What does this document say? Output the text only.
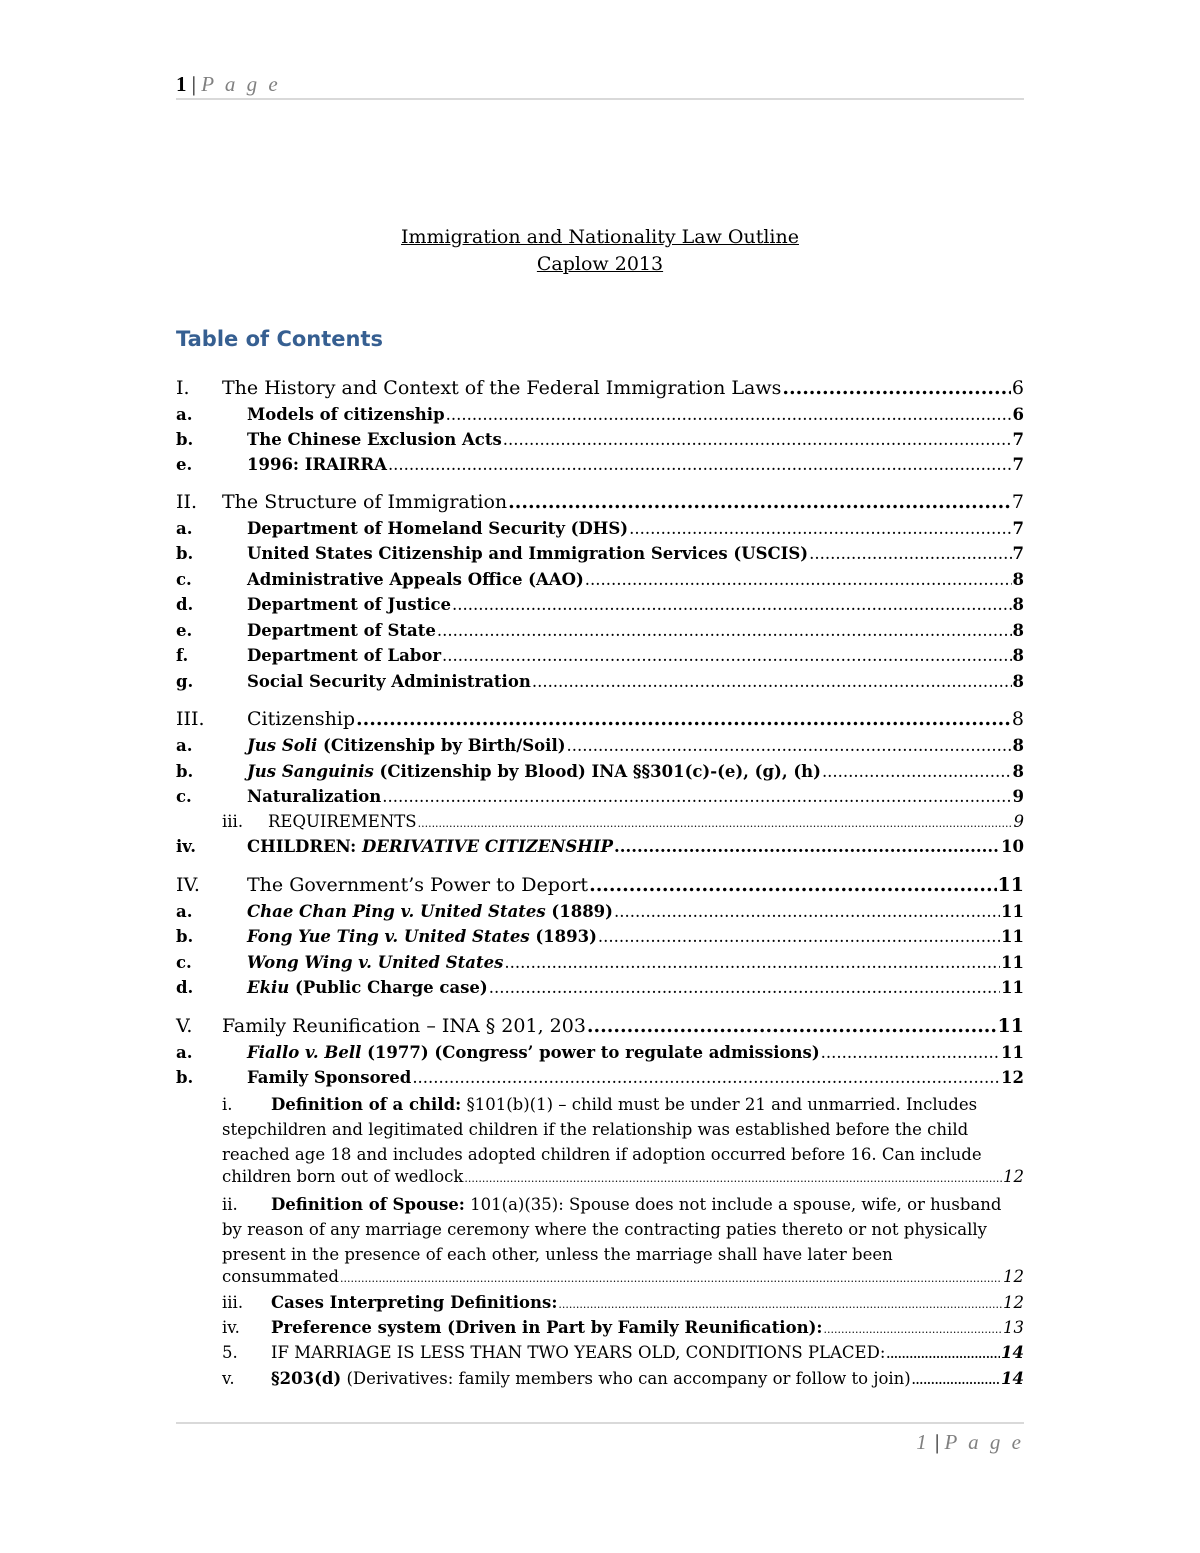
1 | P a g e
Immigration and Nationality Law Outline
Caplow 2013
Table of Contents
I.	The History and Context of the Federal Immigration Laws .....	6
a.	Models of citizenship .....	6
b.	The Chinese Exclusion Acts .....	7
e.	1996: IRAIRRA .....	7
II.	The Structure of Immigration .....	7
a.	Department of Homeland Security (DHS) .....	7
b.	United States Citizenship and Immigration Services (USCIS) .....	7
c.	Administrative Appeals Office (AAO) .....	8
d.	Department of Justice .....	8
e.	Department of State .....	8
f.	Department of Labor .....	8
g.	Social Security Administration .....	8
III.	Citizenship .....	8
a.	Jus Soli (Citizenship by Birth/Soil) .....	8
b.	Jus Sanguinis (Citizenship by Blood) INA §§301(c)-(e), (g), (h) .....	8
c.	Naturalization .....	9
iii.	REQUIREMENTS .....	9
iv.	CHILDREN: DERIVATIVE CITIZENSHIP .....	10
IV.	The Government’s Power to Deport .....	11
a.	Chae Chan Ping v. United States (1889) .....	11
b.	Fong Yue Ting v. United States (1893) .....	11
c.	Wong Wing v. United States .....	11
d.	Ekiu (Public Charge case) .....	11
V.	Family Reunification – INA § 201, 203 .....	11
a.	Fiallo v. Bell (1977) (Congress’ power to regulate admissions) .....	11
b.	Family Sponsored .....	12
i. Definition of a child: §101(b)(1) – child must be under 21 and unmarried. Includes
stepchildren and legitimated children if the relationship was established before the child
reached age 18 and includes adopted children if adoption occurred before 16. Can include
children born out of wedlock .....	12
ii. Definition of Spouse: 101(a)(35): Spouse does not include a spouse, wife, or husband
by reason of any marriage ceremony where the contracting paties thereto or not physically
present in the presence of each other, unless the marriage shall have later been
consummated .....	12
iii.	Cases Interpreting Definitions: .....	12
iv.	Preference system (Driven in Part by Family Reunification): .....	13
5.	IF MARRIAGE IS LESS THAN TWO YEARS OLD, CONDITIONS PLACED: .....	14
v.	§203(d) (Derivatives: family members who can accompany or follow to join) .....	14
1 | P a g e
